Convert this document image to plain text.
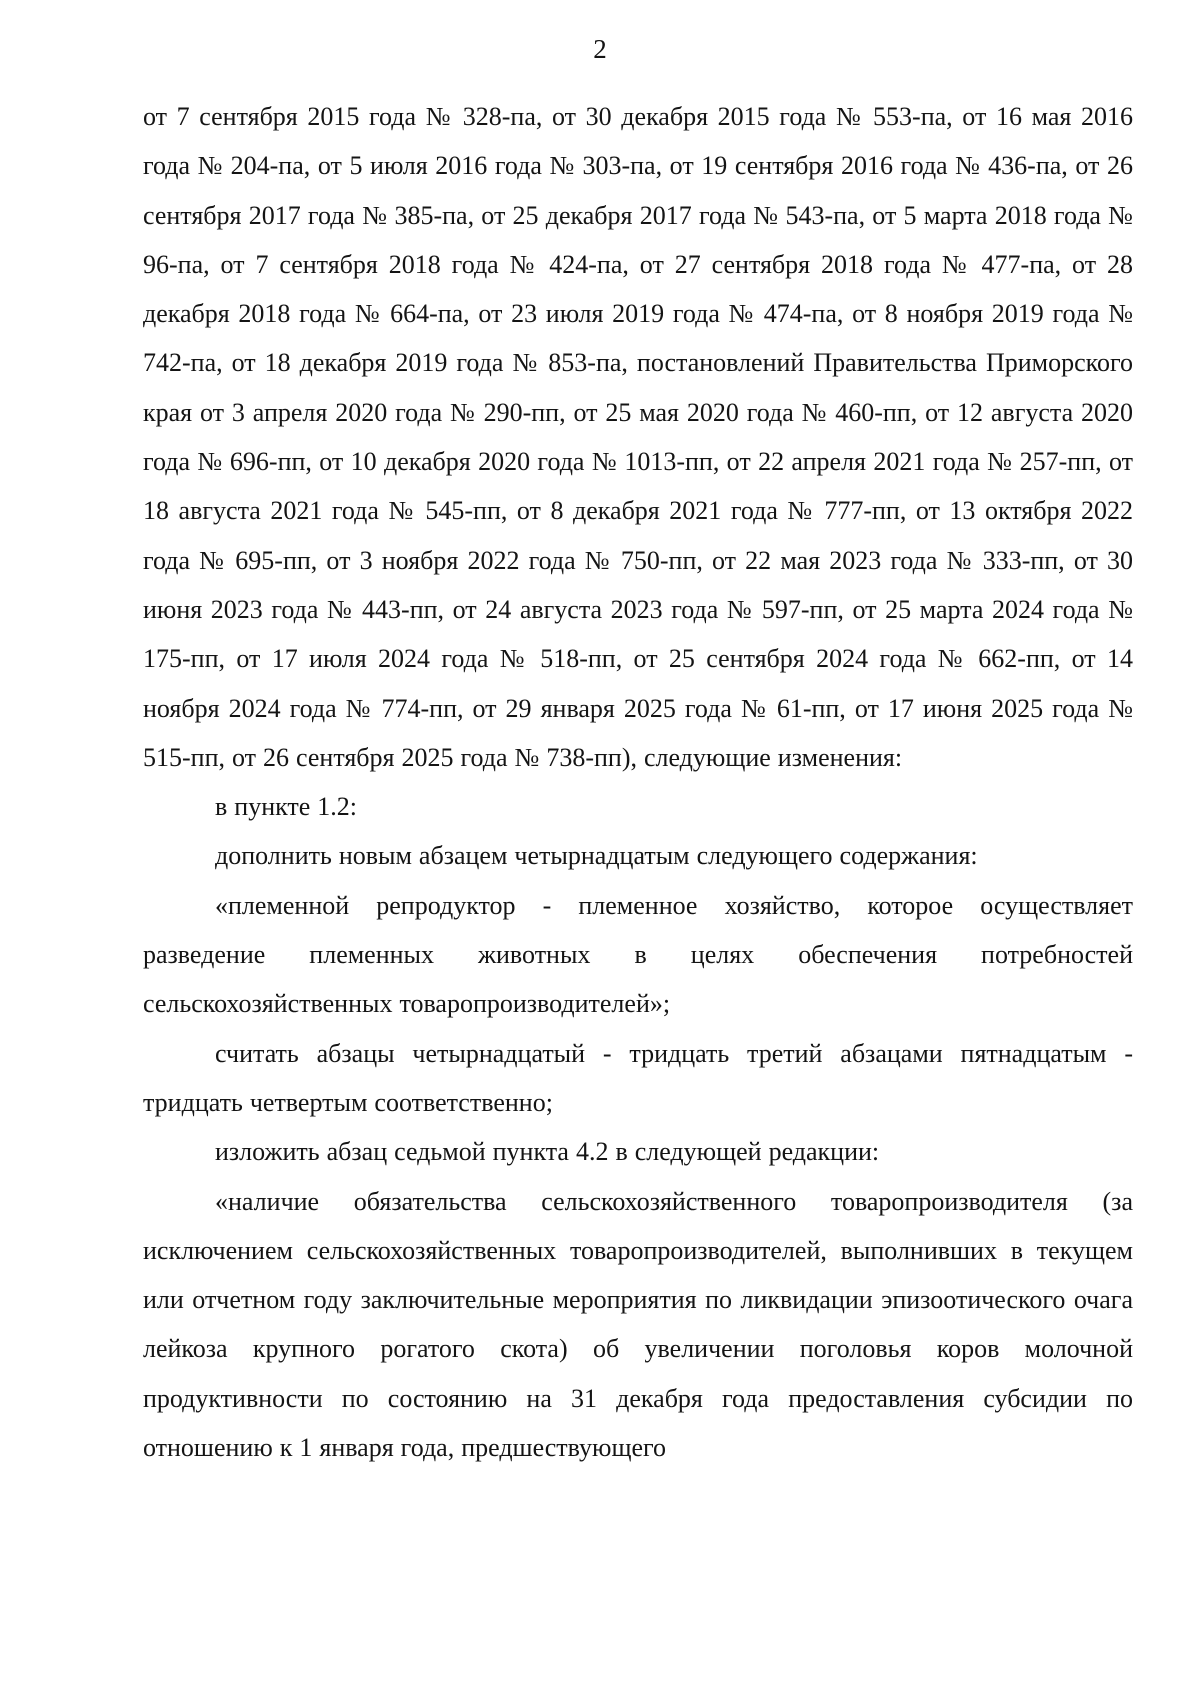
2

от 7 сентября 2015 года № 328-па, от 30 декабря 2015 года № 553-па, от 16 мая 2016 года № 204-па, от 5 июля 2016 года № 303-па, от 19 сентября 2016 года № 436-па, от 26 сентября 2017 года № 385-па, от 25 декабря 2017 года № 543-па, от 5 марта 2018 года № 96-па, от 7 сентября 2018 года № 424-па, от 27 сентября 2018 года № 477-па, от 28 декабря 2018 года № 664-па, от 23 июля 2019 года № 474-па, от 8 ноября 2019 года № 742-па, от 18 декабря 2019 года № 853-па, постановлений Правительства Приморского края от 3 апреля 2020 года № 290-пп, от 25 мая 2020 года № 460-пп, от 12 августа 2020 года № 696-пп, от 10 декабря 2020 года № 1013-пп, от 22 апреля 2021 года № 257-пп, от 18 августа 2021 года № 545-пп, от 8 декабря 2021 года № 777-пп, от 13 октября 2022 года № 695-пп, от 3 ноября 2022 года № 750-пп, от 22 мая 2023 года № 333-пп, от 30 июня 2023 года № 443-пп, от 24 августа 2023 года № 597-пп, от 25 марта 2024 года № 175-пп, от 17 июля 2024 года № 518-пп, от 25 сентября 2024 года № 662-пп, от 14 ноября 2024 года № 774-пп, от 29 января 2025 года № 61-пп, от 17 июня 2025 года № 515-пп, от 26 сентября 2025 года № 738-пп), следующие изменения:

в пункте 1.2:

дополнить новым абзацем четырнадцатым следующего содержания:

«племенной репродуктор - племенное хозяйство, которое осуществляет разведение племенных животных в целях обеспечения потребностей сельскохозяйственных товаропроизводителей»;

считать абзацы четырнадцатый - тридцать третий абзацами пятнадцатым - тридцать четвертым соответственно;

изложить абзац седьмой пункта 4.2 в следующей редакции:

«наличие обязательства сельскохозяйственного товаропроизводителя (за исключением сельскохозяйственных товаропроизводителей, выполнивших в текущем или отчетном году заключительные мероприятия по ликвидации эпизоотического очага лейкоза крупного рогатого скота) об увеличении поголовья коров молочной продуктивности по состоянию на 31 декабря года предоставления субсидии по отношению к 1 января года, предшествующего
